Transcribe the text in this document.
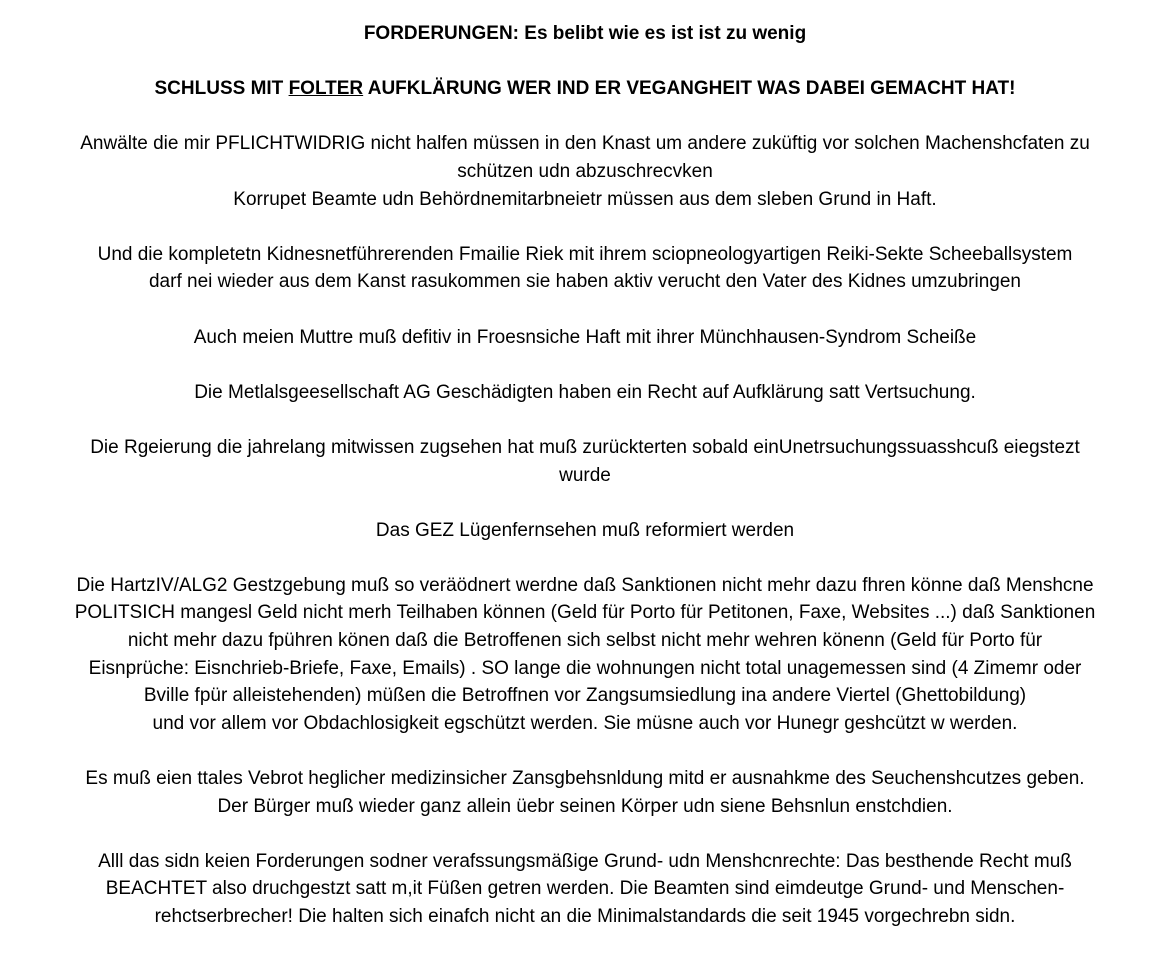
FORDERUNGEN: Es belibt wie es ist ist zu wenig

SCHLUSS MIT FOLTER AUFKLÄRUNG WER IND ER VEGANGHEIT WAS DABEI GEMACHT HAT!

Anwälte die mir PFLICHTWIDRIG nicht halfen müssen in den Knast um andere zuküftig vor solchen Machenshcfaten zu
schützen udn abzuschrecvken
Korrupet Beamte udn Behördnemitarbneietr müssen aus dem sleben Grund in Haft.
Und die kompletetn Kidnesnetführerenden Fmailie Riek mit ihrem sciopneologyartigen Reiki-Sekte Scheeballsystem
darf nei wieder aus dem Kanst rasukommen sie haben aktiv verucht den Vater des Kidnes umzubringen
Auch meien Muttre muß defitiv in Froesnsiche Haft mit ihrer Münchhausen-Syndrom Scheiße
Die Metlalsgeesellschaft AG Geschädigten haben ein Recht auf Aufklärung satt Vertsuchung.
Die Rgeierung die jahrelang mitwissen zugsehen hat muß zurückterten sobald einUnetrsuchungssuasshcuß eiegstezt
wurde
Das GEZ Lügenfernsehen muß reformiert werden
Die HartzIV/ALG2 Gestzgebung muß so veräödnert werdne daß Sanktionen nicht mehr dazu fhren könne daß Menshcne
POLITSICH mangesl Geld nicht merh Teilhaben können (Geld für Porto für Petitonen, Faxe, Websites ...) daß Sanktionen
nicht mehr dazu fpühren könen daß die Betroffenen sich selbst nicht mehr wehren könenn (Geld für Porto für
Eisnprüche: Eisnchrieb-Briefe, Faxe, Emails) . SO lange die wohnungen nicht total unagemessen sind (4 Zimemr oder
Bville fpür alleistehenden) müßen die Betroffnen vor Zangsumsiedlung ina andere Viertel (Ghettobildung)
und vor allem vor Obdachlosigkeit egschützt werden. Sie müsne auch vor Hunegr geshcützt w werden.
Es muß eien ttales Vebrot heglicher medizinsicher Zansgbehsnldung mitd er ausnahkme des Seuchenshcutzes geben.
Der Bürger muß wieder ganz allein üebr seinen Körper udn siene Behsnlun enstchdien.
Alll das sidn keien Forderungen sodner verafssungsmäßige Grund- udn Menshcnrechte: Das besthende Recht muß
BEACHTET also druchgestzt satt m,it Füßen getren werden. Die Beamten sind eimdeutge Grund- und Menschen-
rehctserbrecher! Die halten sich einafch nicht an die Minimalstandards die seit 1945 vorgechrebn sidn.
